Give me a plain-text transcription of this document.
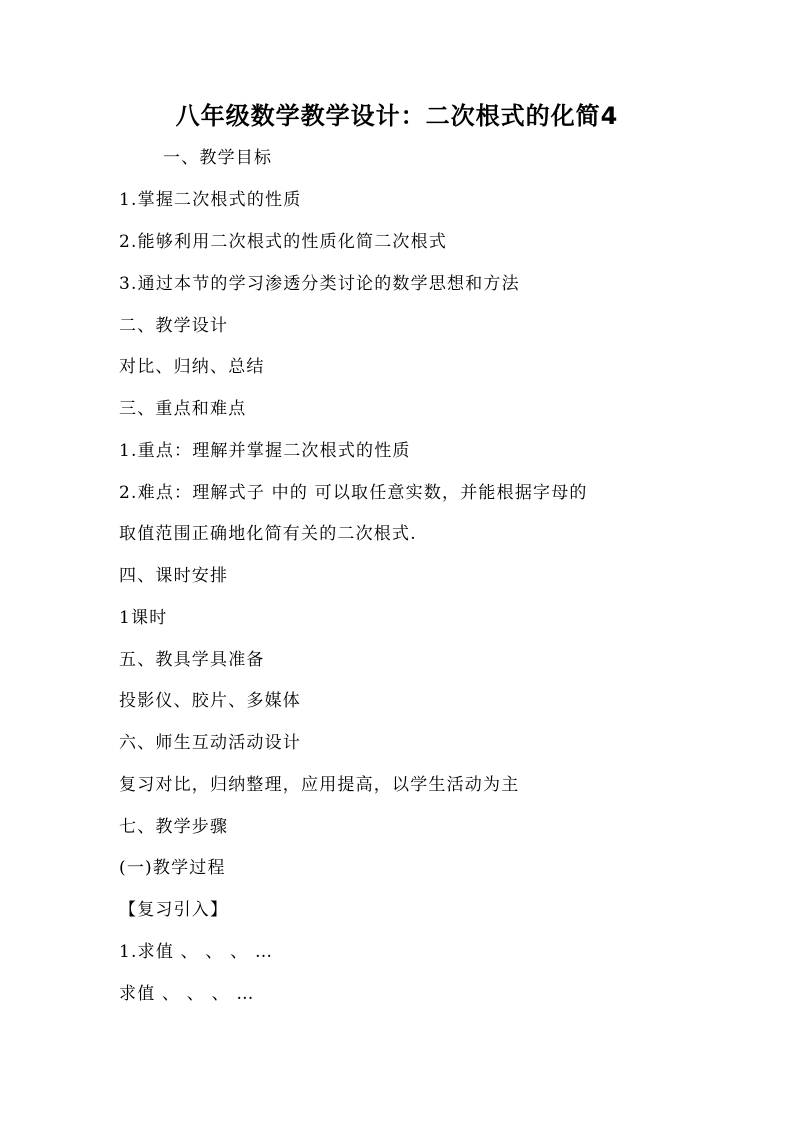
八年级数学教学设计：二次根式的化简4
一、教学目标
1.掌握二次根式的性质
2.能够利用二次根式的性质化简二次根式
3.通过本节的学习渗透分类讨论的数学思想和方法
二、教学设计
对比、归纳、总结
三、重点和难点
1.重点：理解并掌握二次根式的性质
2.难点：理解式子 中的 可以取任意实数，并能根据字母的
取值范围正确地化简有关的二次根式.
四、课时安排
1课时
五、教具学具准备
投影仪、胶片、多媒体
六、师生互动活动设计
复习对比，归纳整理，应用提高，以学生活动为主
七、教学步骤
(一)教学过程
【复习引入】
1.求值 、 、 、 …
求值 、 、 、 …
